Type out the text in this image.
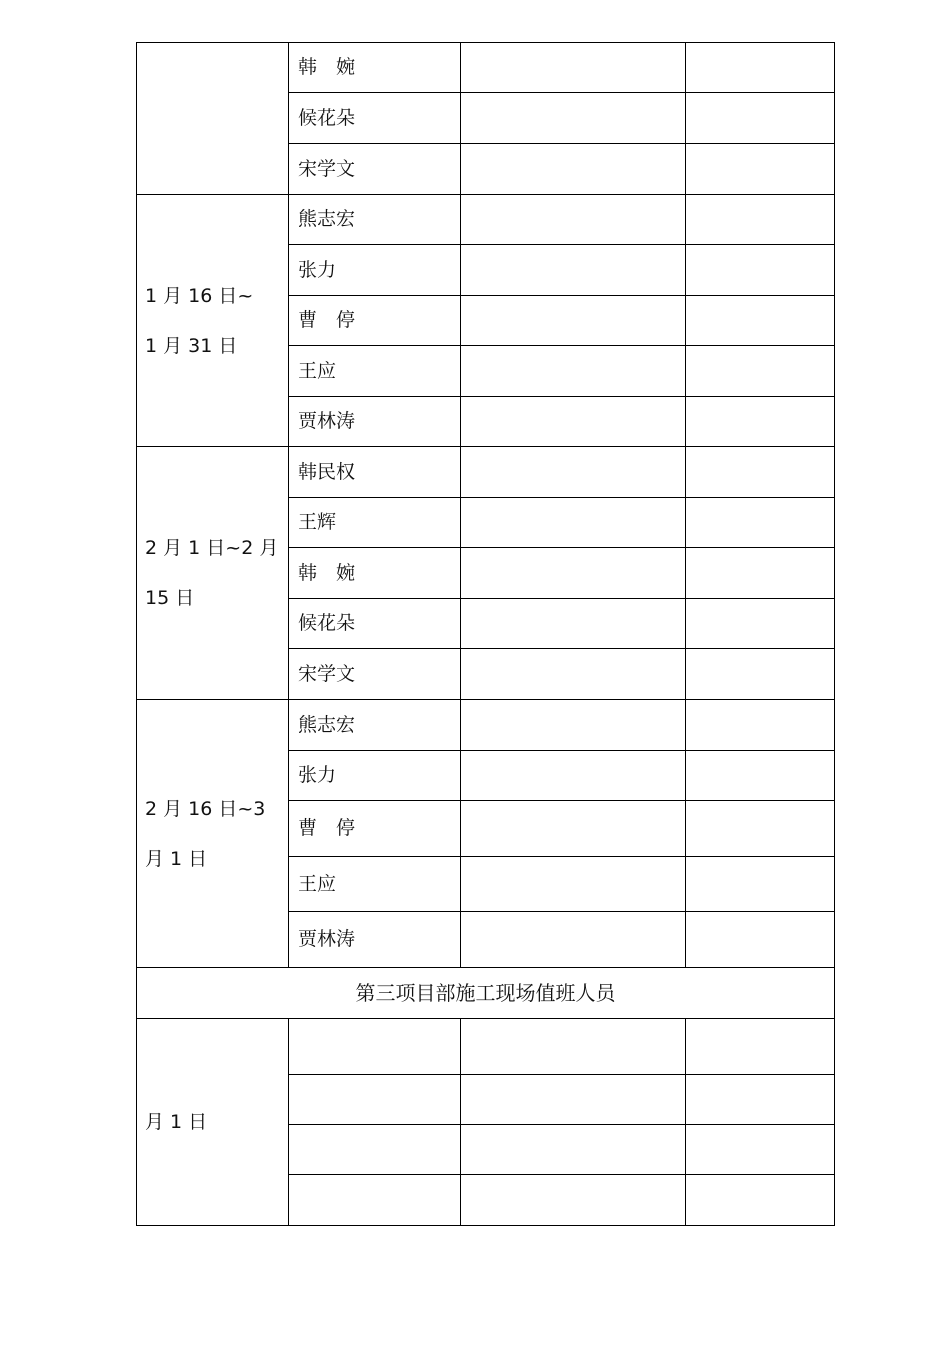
	韩　婉		
	候花朵		
	宋学文		

1 月 16 日~
1 月 31 日	熊志宏		
	张力		
	曹　停		
	王应		
	贾林涛		

2 月 1 日~2 月
15 日	韩民权		
	王辉		
	韩　婉		
	候花朵		
	宋学文		

2 月 16 日~3
月 1 日	熊志宏		
	张力		
	曹　停		
	王应		
	贾林涛		
第三项目部施工现场值班人员			

月 1 日			
